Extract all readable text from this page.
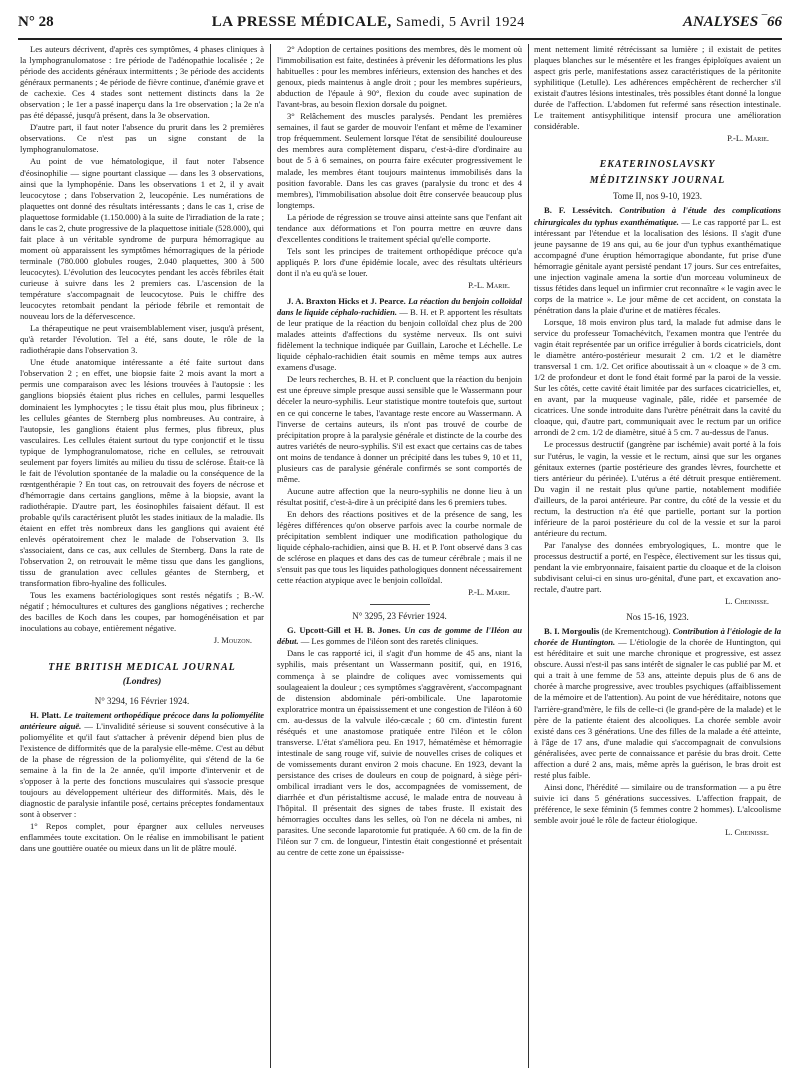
N° 28	LA PRESSE MÉDICALE, Samedi, 5 Avril 1924	ANALYSES ‾66

Les auteurs décrivent, d'après ces symptômes, 4 phases cliniques à la lymphogranulomatose : 1re période de l'adénopathie localisée ; 2e période des accidents généraux intermittents ; 3e période des accidents généraux permanents ; 4e période de fièvre continue, d'anémie grave et de cachexie. Ces 4 stades sont nettement distincts dans la 2e observation ; le 1er a passé inaperçu dans la 1re observation ; la 2e n'a pas été dépassé, jusqu'à présent, dans la 3e observation.

D'autre part, il faut noter l'absence du prurit dans les 2 premières observations. Ce n'est pas un signe constant de la lymphogranulomatose.

Au point de vue hématologique, il faut noter l'absence d'éosinophilie — signe pourtant classique — dans les 3 observations, ainsi que la lymphopénie. Dans les observations 1 et 2, il y avait leucocytose ; dans l'observation 2, leucopénie. Les numérations de plaquettes ont donné des résultats intéressants ; dans le cas 1, crise de plaquettose formidable (1.150.000) à la suite de l'irradiation de la rate ; dans le cas 2, chute progressive de la plaquettose initiale (528.000), qui fait place à un véritable syndrome de purpura hémorragique au moment où apparaissent les symptômes hémorragiques de la période terminale (780.000 globules rouges, 2.040 plaquettes, 300 à 500 leucocytes). L'évolution des leucocytes pendant les accès fébriles était curieuse à suivre dans les 2 premiers cas. L'ascension de la température s'accompagnait de leucocytose. Puis le chiffre des leucocytes retombait pendant la période fébrile et remontait de nouveau lors de la défervescence.

La thérapeutique ne peut vraisemblablement viser, jusqu'à présent, qu'à retarder l'évolution. Tel a été, sans doute, le rôle de la radiothérapie dans l'observation 3.

Une étude anatomique intéressante a été faite surtout dans l'observation 2 ; en effet, une biopsie faite 2 mois avant la mort a permis une comparaison avec les lésions trouvées à l'autopsie : les ganglions biopsiés étaient plus riches en cellules, parmi lesquelles dominaient les lymphocytes ; le tissu était plus mou, plus fibrineux ; les cellules géantes de Sternberg plus nombreuses. Au contraire, à l'autopsie, les ganglions étaient plus fermes, plus fibreux, plus vasculaires. Les cellules étaient surtout du type conjonctif et le tissu typique de lymphogranulomatose, riche en cellules, se retrouvait seulement par foyers limités au milieu du tissu de sclérose. Était-ce là le fait de l'évolution spontanée de la maladie ou la conséquence de la rœntgenthérapie ? En tout cas, on retrouvait des foyers de nécrose et d'hémorragie dans certains ganglions, même à la biopsie, avant la radiothérapie. D'autre part, les éosinophiles faisaient défaut. Il est probable qu'ils caractérisent plutôt les stades initiaux de la maladie. Ils étaient en effet très nombreux dans les ganglions qui avaient été enlevés opératoirement chez le malade de l'observation 3. Ils s'associaient, dans ce cas, aux cellules de Sternberg. Dans la rate de l'observation 2, on retrouvait le même tissu que dans les ganglions, tissu de granulation avec cellules géantes de Sternberg, et transformation fibro-hyaline des follicules.

Tous les examens bactériologiques sont restés négatifs ; B.-W. négatif ; hémocultures et cultures des ganglions négatives ; recherche des bacilles de Koch dans les coupes, par homogénéisation et par inoculations au cobaye, entièrement négative.

J. Mouzon.
THE BRITISH MEDICAL JOURNAL
(Londres)
N° 3294, 16 Février 1924.

H. Platt. Le traitement orthopédique précoce dans la poliomyélite antérieure aiguë. — L'invalidité sérieuse si souvent consécutive à la poliomyélite et qu'il faut s'attacher à prévenir dépend bien plus de l'existence de difformités que de la paralysie elle-même. C'est au début de la phase de régression de la poliomyélite, qui s'étend de la 6e semaine à la fin de la 2e année, qu'il importe d'intervenir et de s'opposer à la perte des fonctions musculaires qui s'associe presque toujours au développement ultérieur des difformités. Mais, dès le diagnostic de paralysie infantile posé, certains préceptes fondamentaux sont à observer :

1° Repos complet, pour épargner aux cellules nerveuses enflammées toute excitation. On le réalise en immobilisant le patient dans une gouttière ouatée ou mieux dans un lit de plâtre moulé.

2° Adoption de certaines positions des membres, dès le moment où l'immobilisation est faite, destinées à prévenir les déformations les plus habituelles : pour les membres inférieurs, extension des hanches et des genoux, pieds maintenus à angle droit ; pour les membres supérieurs, abduction de l'épaule à 90°, flexion du coude avec supination de l'avant-bras, au besoin flexion dorsale du poignet.

3° Relâchement des muscles paralysés. Pendant les premières semaines, il faut se garder de mouvoir l'enfant et même de l'examiner trop fréquemment. Seulement lorsque l'état de sensibilité douloureuse des membres aura complètement disparu, c'est-à-dire d'ordinaire au bout de 5 à 6 semaines, on pourra faire exécuter progressivement le malade, les membres étant toujours maintenus immobilisés dans la position favorable. Dans les cas graves (paralysie du tronc et des 4 membres), l'immobilisation absolue doit être conservée beaucoup plus longtemps.

La période de régression se trouve ainsi atteinte sans que l'enfant ait tendance aux déformations et l'on pourra mettre en œuvre dans d'excellentes conditions le traitement spécial qu'elle comporte.

Tels sont les principes de traitement orthopédique précoce qu'a appliqués P. lors d'une épidémie locale, avec des résultats ultérieurs dont il n'a eu qu'à se louer.

P.-L. Marie.

J. A. Braxton Hicks et J. Pearce. La réaction du benjoin colloïdal dans le liquide céphalo-rachidien. — B. H. et P. apportent les résultats de leur pratique de la réaction du benjoin colloïdal chez plus de 200 malades atteints d'affections du système nerveux. Ils ont suivi fidèlement la technique indiquée par Guillain, Laroche et Léchelle. Le liquide céphalo-rachidien était soumis en même temps aux autres examens d'usage.

De leurs recherches, B. H. et P. concluent que la réaction du benjoin est une épreuve simple presque aussi sensible que le Wassermann pour déceler la neuro-syphilis. Leur statistique montre toutefois que, surtout en ce qui concerne le tabes, l'avantage reste encore au Wassermann. A l'inverse de certains auteurs, ils n'ont pas trouvé de courbe de précipitation propre à la paralysie générale et distincte de la courbe des autres variétés de neuro-syphilis. S'il est exact que certains cas de tabes ont moins de tendance à donner un précipité dans les tubes 9, 10 et 11, plusieurs cas de paralysie générale confirmés se sont comportés de même.

Aucune autre affection que la neuro-syphilis ne donne lieu à un résultat positif, c'est-à-dire à un précipité dans les 6 premiers tubes.

En dehors des réactions positives et de la présence de sang, les légères différences qu'on observe parfois avec la courbe normale de précipitation semblent indiquer une modification pathologique du liquide céphalo-rachidien, ainsi que B. H. et P. l'ont observé dans 3 cas de sclérose en plaques et dans des cas de tumeur cérébrale ; mais il ne s'ensuit pas que tous les liquides pathologiques donnent nécessairement cette réaction atypique avec le benjoin colloïdal.

P.-L. Marie.
N° 3295, 23 Février 1924.

G. Upcott-Gill et H. B. Jones. Un cas de gomme de l'Iléon au début. — Les gommes de l'iléon sont des raretés cliniques.

Dans le cas rapporté ici, il s'agit d'un homme de 45 ans, niant la syphilis, mais présentant un Wassermann positif, qui, en 1916, commença à se plaindre de coliques avec vomissements qui soulageaient la douleur ; ces symptômes s'aggravèrent, s'accompagnant de distension abdominale péri-ombilicale. Une laparotomie exploratrice montra un épaississement et une congestion de l'iléon à 60 cm. au-dessus de la valvule iléo-cæcale ; 60 cm. d'intestin furent réséqués et une anastomose pratiquée entre l'iléon et le côlon transverse. L'état s'améliora peu. En 1917, hématémèse et hémorragie intestinale de sang rouge vif, suivie de nouvelles crises de coliques et de vomissements durant environ 2 mois chacune. En 1923, devant la persistance des crises de douleurs en coup de poignard, à siège péri-ombilical irradiant vers le dos, accompagnées de vomissement, de diarrhée et d'un péristaltisme accusé, le malade entra de nouveau à l'hôpital. Il présentait des signes de tabes fruste. Il existait des hémorragies occultes dans les selles, où l'on ne décela ni ambes, ni parasites. Une seconde laparotomie fut pratiquée. A 60 cm. de la fin de l'iléon sur 7 cm. de longueur, l'intestin était congestionné et présentait au centre de cette zone un épaississe-

ment nettement limité rétrécissant sa lumière ; il existait de petites plaques blanches sur le mésentère et les franges épiploïques avaient un aspect gris perle, manifestations assez caractéristiques de la péritonite syphilitique (Letulle). Les adhérences empêchèrent de rechercher s'il existait d'autres lésions intestinales, très possibles étant donné la longue durée de l'affection. L'abdomen fut refermé sans résection intestinale. Le traitement antisyphilitique intensif procura une amélioration considérable.

P.-L. Marie.
EKATERINOSLAVSKY
MÉDITZINSKY JOURNAL
Tome II, nos 9-10, 1923.

B. F. Lessévitch. Contribution à l'étude des complications chirurgicales du typhus exanthématique. — Le cas rapporté par L. est intéressant par l'étendue et la localisation des lésions. Il s'agit d'une jeune paysanne de 19 ans qui, au 6e jour d'un typhus exanthématique accompagné d'une éruption hémorragique abondante, fut prise d'une hémorragie génitale ayant persisté pendant 17 jours. Sur ces entrefaites, une injection vaginale amena la sortie d'un morceau volumineux de tissus fétides dans lequel un infirmier crut reconnaître « le vagin avec le corps de la matrice ». Le jour même de cet accident, on constata la pénétration dans la plaie d'urine et de matières fécales.

Lorsque, 18 mois environ plus tard, la malade fut admise dans le service du professeur Tomachévitch, l'examen montra que l'entrée du vagin était représentée par un orifice irrégulier à bords cicatriciels, dont le diamètre antéro-postérieur mesurait 2 cm. 1/2 et le diamètre transversal 1 cm. 1/2. Cet orifice aboutissait à un « cloaque » de 3 cm. 1/2 de profondeur et dont le fond était formé par la paroi de la vessie. Sur les côtés, cette cavité était limitée par des surfaces cicatricielles, et, en avant, par la muqueuse vaginale, pâle, ridée et parsemée de cicatrices. Une sonde introduite dans l'urètre pénétrait dans la cavité du cloaque, qui, d'autre part, communiquait avec le rectum par un orifice arrondi de 2 cm. 1/2 de diamètre, situé à 5 cm. 7 au-dessus de l'anus.

Le processus destructif (gangrène par ischémie) avait porté à la fois sur l'utérus, le vagin, la vessie et le rectum, ainsi que sur les organes génitaux externes (partie postérieure des grandes lèvres, fourchette et tiers antérieur du périnée). L'utérus a été détruit presque entièrement. Du vagin il ne restait plus qu'une partie, notablement modifiée d'ailleurs, de la paroi antérieure. Par contre, du côté de la vessie et du rectum, la destruction n'a été que partielle, portant sur la portion inférieure de la paroi postérieure du col de la vessie et sur la paroi antérieure du rectum.

Par l'analyse des données embryologiques, L. montre que le processus destructif a porté, en l'espèce, électivement sur les tissus qui, pendant la vie embryonnaire, faisaient partie du cloaque et de la cloison subdivisant celui-ci en sinus uro-génital, d'une part, et excavation ano-rectale, d'autre part.

L. Cheinisse.
Nos 15-16, 1923.

B. I. Morgoulis (de Krementchoug). Contribution à l'étiologie de la chorée de Huntington. — L'étiologie de la chorée de Huntington, qui est héréditaire et suit une marche chronique et progressive, est assez obscure. Aussi n'est-il pas sans intérêt de signaler le cas publié par M. et qui a trait à une femme de 53 ans, atteinte depuis plus de 6 ans de chorée à marche progressive, avec troubles psychiques (affaiblissement de la mémoire et de l'attention). Au point de vue héréditaire, notons que l'arrière-grand'mère, le fils de celle-ci (le grand-père de la malade) et le père de la patiente étaient des alcooliques. La chorée semble avoir existé dans ces 3 générations. Une des filles de la malade a été atteinte, à l'âge de 17 ans, d'une maladie qui s'accompagnait de convulsions généralisées, avec perte de connaissance et parésie du bras droit. Cette affection a duré 2 ans, mais, même après la guérison, le bras droit est resté plus faible.

Ainsi donc, l'hérédité — similaire ou de transformation — a pu être suivie ici dans 5 générations successives. L'affection frappait, de préférence, le sexe féminin (5 femmes contre 2 hommes). L'alcoolisme semble avoir joué le rôle de facteur étiologique.

L. Cheinisse.
